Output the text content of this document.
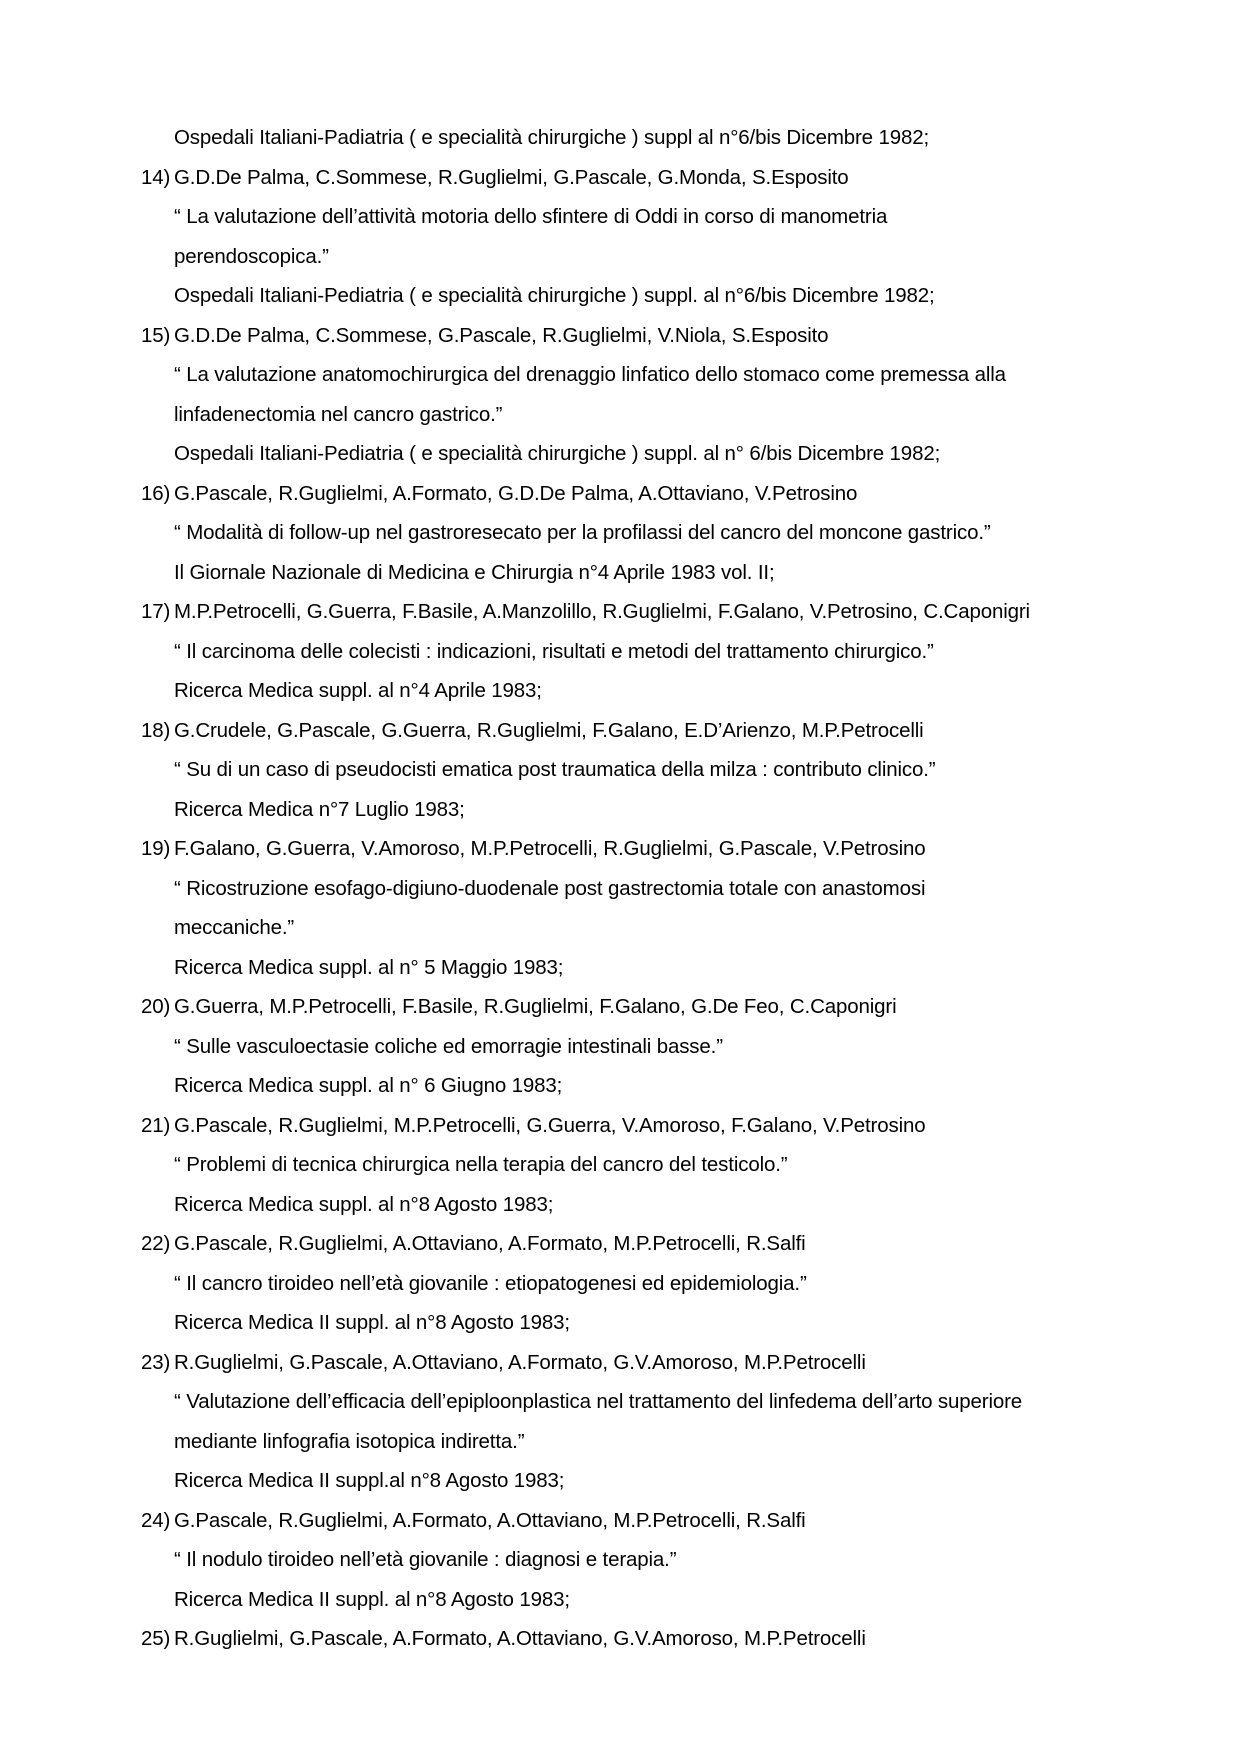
Ospedali Italiani-Padiatria ( e specialità chirurgiche ) suppl al n°6/bis Dicembre 1982;
14) G.D.De Palma, C.Sommese, R.Guglielmi, G.Pascale, G.Monda, S.Esposito
“ La valutazione dell’attività motoria dello sfintere di Oddi in corso di manometria perendoscopica.”
Ospedali Italiani-Pediatria ( e specialità chirurgiche ) suppl. al n°6/bis Dicembre 1982;
15) G.D.De Palma, C.Sommese, G.Pascale, R.Guglielmi, V.Niola, S.Esposito
“ La valutazione anatomochirurgica del drenaggio linfatico dello stomaco come premessa alla linfadenectomia nel cancro gastrico.”
Ospedali Italiani-Pediatria ( e specialità chirurgiche ) suppl. al n° 6/bis Dicembre 1982;
16) G.Pascale, R.Guglielmi, A.Formato, G.D.De Palma, A.Ottaviano, V.Petrosino
“ Modalità di follow-up nel gastroresecato per la profilassi del cancro del moncone gastrico.”
Il Giornale Nazionale di Medicina e Chirurgia n°4 Aprile 1983 vol. II;
17) M.P.Petrocelli, G.Guerra, F.Basile, A.Manzolillo, R.Guglielmi, F.Galano, V.Petrosino, C.Caponigri
“ Il carcinoma delle colecisti : indicazioni, risultati e metodi del trattamento chirurgico.”
Ricerca Medica suppl. al n°4 Aprile 1983;
18) G.Crudele, G.Pascale, G.Guerra, R.Guglielmi, F.Galano, E.D’Arienzo, M.P.Petrocelli
“ Su di un caso di pseudocisti ematica post traumatica della milza : contributo clinico.”
Ricerca Medica n°7 Luglio 1983;
19) F.Galano, G.Guerra, V.Amoroso, M.P.Petrocelli, R.Guglielmi, G.Pascale, V.Petrosino
“ Ricostruzione esofago-digiuno-duodenale post gastrectomia totale con anastomosi meccaniche.”
Ricerca Medica suppl. al n° 5 Maggio 1983;
20) G.Guerra, M.P.Petrocelli, F.Basile, R.Guglielmi, F.Galano, G.De Feo, C.Caponigri
“ Sulle vasculoectasie coliche ed emorragie intestinali basse.”
Ricerca Medica suppl. al n° 6 Giugno 1983;
21) G.Pascale, R.Guglielmi, M.P.Petrocelli, G.Guerra, V.Amoroso, F.Galano, V.Petrosino
“ Problemi di tecnica chirurgica nella terapia del cancro del testicolo.”
Ricerca Medica suppl. al n°8 Agosto 1983;
22) G.Pascale, R.Guglielmi, A.Ottaviano, A.Formato, M.P.Petrocelli, R.Salfi
“ Il cancro tiroideo nell’età giovanile : etiopatogenesi ed epidemiologia.”
Ricerca Medica II suppl. al n°8 Agosto 1983;
23) R.Guglielmi, G.Pascale, A.Ottaviano, A.Formato, G.V.Amoroso, M.P.Petrocelli
“ Valutazione dell’efficacia dell’epiploonplastica nel trattamento del linfedema dell’arto superiore mediante linfografia isotopica indiretta.”
Ricerca Medica II suppl.al n°8 Agosto 1983;
24) G.Pascale, R.Guglielmi, A.Formato, A.Ottaviano, M.P.Petrocelli, R.Salfi
“ Il nodulo tiroideo nell’età giovanile : diagnosi e terapia.”
Ricerca Medica II suppl. al n°8 Agosto 1983;
25) R.Guglielmi, G.Pascale, A.Formato, A.Ottaviano, G.V.Amoroso, M.P.Petrocelli
